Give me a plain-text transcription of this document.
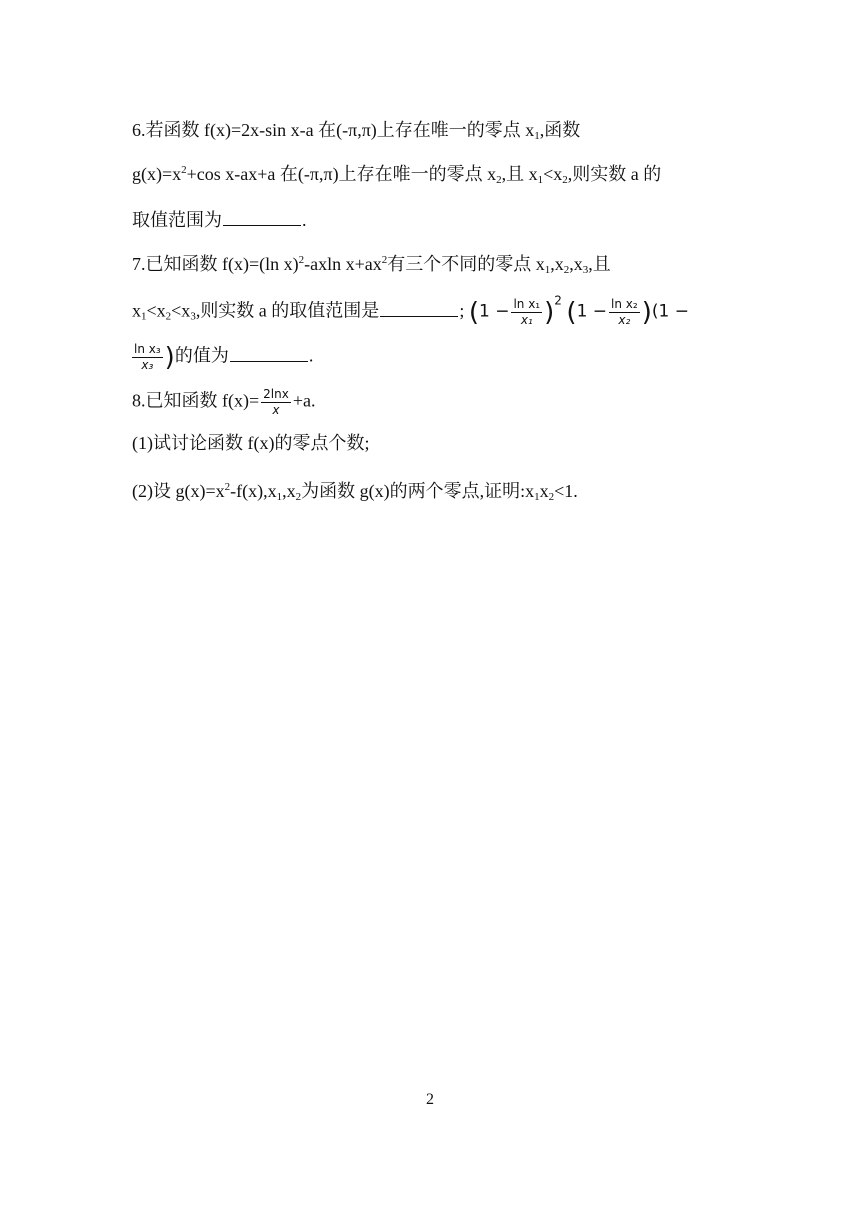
6.若函数 f(x)=2x-sin x-a 在(-π,π)上存在唯一的零点 $x_1$,函数
$g(x)=x^2+\cos$ x-ax+a 在(-π,π)上存在唯一的零点 $x_2$,且 $x_1<x_2$,则实数 a 的
取值范围为	.
7.已知函数 f(x)=(ln x)$^2$-axln $x+ax^2$有三个不同的零点 $x_1,x_2,x_3$,且
$x_1<x_2<x_3$,则实数 a 的取值范围是	; $(1 - \frac{\text{ln x₁}}{\text{x₁}} )^2$ $(1 - \frac{\text{ln x₂}}{\text{x₂}} )(1$ −
$\frac{\text{ln x₃}}{\text{x₃}}$ )的值为	.
8.已知函数 $f(x)= \frac{2\ln x}{x} +a$.
(1)试讨论函数 f(x)的零点个数;
(2)设 $g(x)=x^2-f(x),x_1,x_2$为函数 g(x)的两个零点,证明$:x_1x_2<1$.
2
